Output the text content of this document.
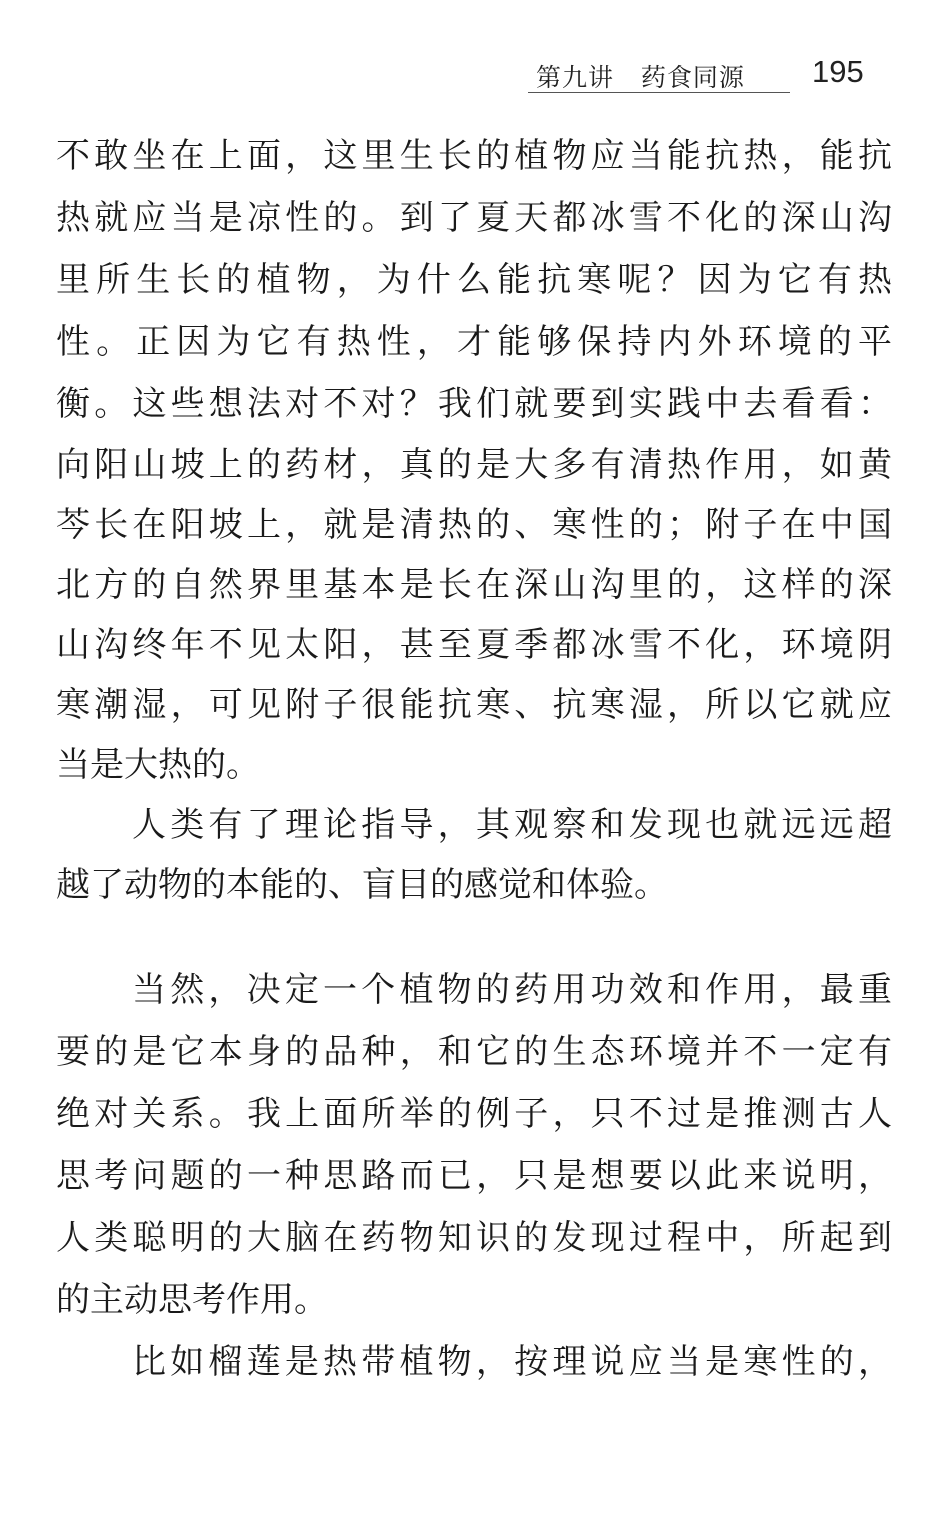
第九讲   药食同源 195
不敢坐在上面，这里生长的植物应当能抗热，能抗
热就应当是凉性的。到了夏天都冰雪不化的深山沟
里所生长的植物，为什么能抗寒呢？因为它有热
性。正因为它有热性，才能够保持内外环境的平
衡。这些想法对不对？我们就要到实践中去看看：
向阳山坡上的药材，真的是大多有清热作用，如黄
芩长在阳坡上，就是清热的、寒性的；附子在中国
北方的自然界里基本是长在深山沟里的，这样的深
山沟终年不见太阳，甚至夏季都冰雪不化，环境阴
寒潮湿，可见附子很能抗寒、抗寒湿，所以它就应
当是大热的。
人类有了理论指导，其观察和发现也就远远超
越了动物的本能的、盲目的感觉和体验。
当然，决定一个植物的药用功效和作用，最重
要的是它本身的品种，和它的生态环境并不一定有
绝对关系。我上面所举的例子，只不过是推测古人
思考问题的一种思路而已，只是想要以此来说明，
人类聪明的大脑在药物知识的发现过程中，所起到
的主动思考作用。
比如榴莲是热带植物，按理说应当是寒性的，
